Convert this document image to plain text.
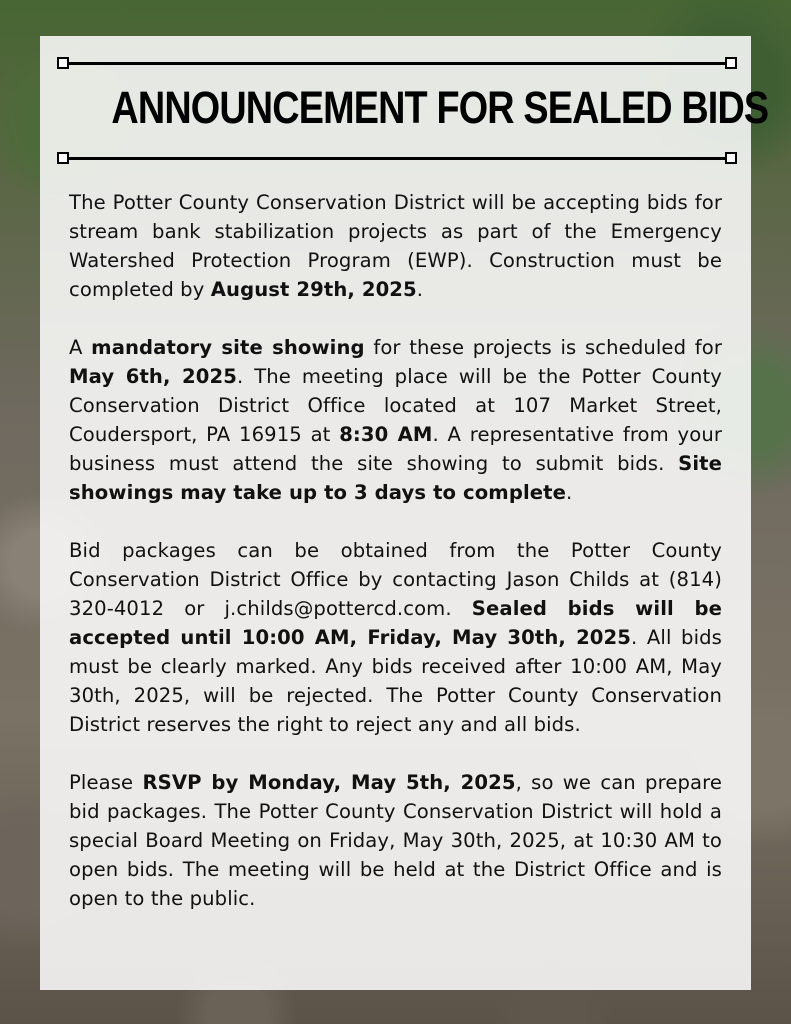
ANNOUNCEMENT FOR SEALED BIDS

The Potter County Conservation District will be accepting bids for stream bank stabilization projects as part of the Emergency Watershed Protection Program (EWP). Construction must be completed by August 29th, 2025.

A mandatory site showing for these projects is scheduled for May 6th, 2025. The meeting place will be the Potter County Conservation District Office located at 107 Market Street, Coudersport, PA 16915 at 8:30 AM. A representative from your business must attend the site showing to submit bids. Site showings may take up to 3 days to complete.

Bid packages can be obtained from the Potter County Conservation District Office by contacting Jason Childs at (814) 320-4012 or j.childs@pottercd.com. Sealed bids will be accepted until 10:00 AM, Friday, May 30th, 2025. All bids must be clearly marked. Any bids received after 10:00 AM, May 30th, 2025, will be rejected. The Potter County Conservation District reserves the right to reject any and all bids.

Please RSVP by Monday, May 5th, 2025, so we can prepare bid packages. The Potter County Conservation District will hold a special Board Meeting on Friday, May 30th, 2025, at 10:30 AM to open bids. The meeting will be held at the District Office and is open to the public.
